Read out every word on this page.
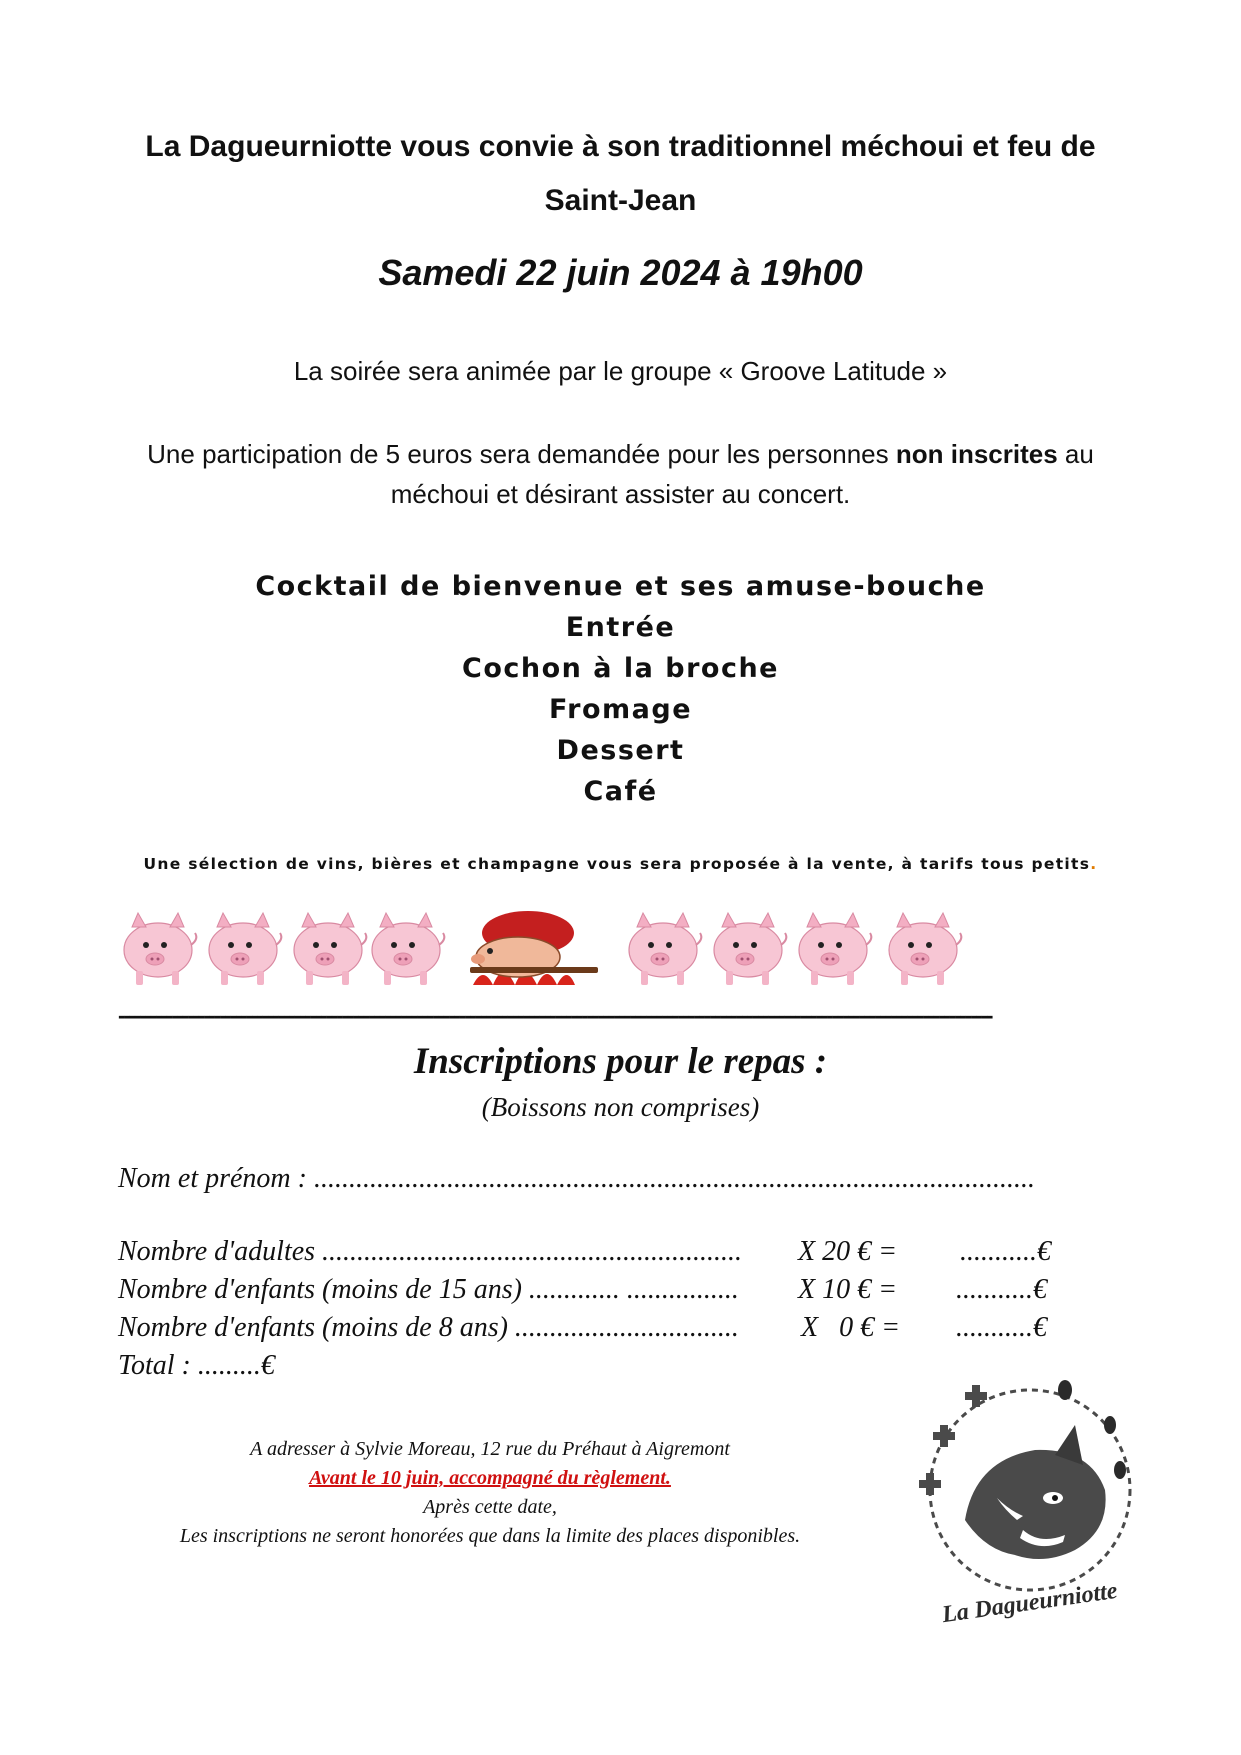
La Dagueurniotte vous convie à son traditionnel méchoui et feu de Saint-Jean
Samedi 22 juin 2024 à 19h00
La soirée sera animée par le groupe « Groove Latitude »
Une participation de 5 euros sera demandée pour les personnes non inscrites au méchoui et désirant assister au concert.
Cocktail de bienvenue et ses amuse-bouche
Entrée
Cochon à la broche
Fromage
Dessert
Café
Une sélection de vins, bières et champagne vous sera proposée à la vente, à tarifs tous petits.
--------------------------------------------------------------------------------------------------------------------------------------------------------------------
Inscriptions pour le repas :
(Boissons non comprises)
Nom et prénom : .......................................................................................................
Nombre d'adultes ............................................................ X 20 € = ...........€
Nombre d'enfants (moins de 15 ans) ............. ................ X 10 € = ...........€
Nombre d'enfants (moins de 8 ans) ................................ X   0 € = ...........€
Total : .........€
A adresser à Sylvie Moreau, 12 rue du Préhaut à Aigremont
Avant le 10 juin, accompagné du règlement.
Après cette date,
Les inscriptions ne seront honorées que dans la limite des places disponibles.
La Dagueurniotte
